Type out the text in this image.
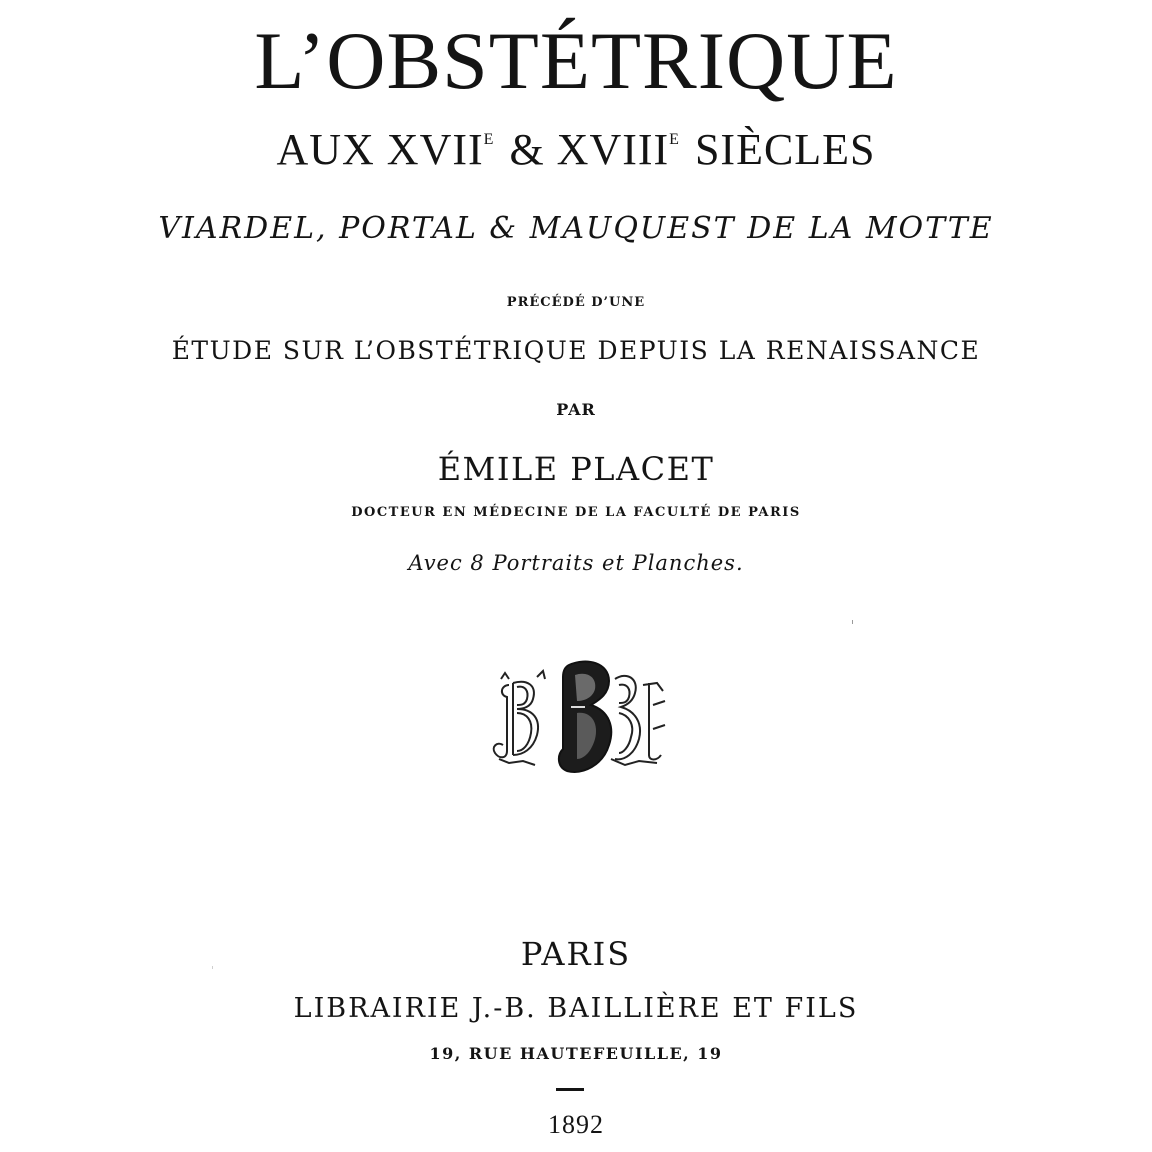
L’OBSTÉTRIQUE
AUX $XVII^E$ & $XVIII^E$ SIÈCLES
VIARDEL, PORTAL & MAUQUEST DE LA MOTTE
PRÉCÉDÉ D’UNE
ÉTUDE SUR L’OBSTÉTRIQUE DEPUIS LA RENAISSANCE
PAR
ÉMILE PLACET
DOCTEUR EN MÉDECINE DE LA FACULTÉ DE PARIS
Avec 8 Portraits et Planches.
PARIS
LIBRAIRIE J.-B. BAILLIÈRE ET FILS
19, RUE HAUTEFEUILLE, 19
1892
